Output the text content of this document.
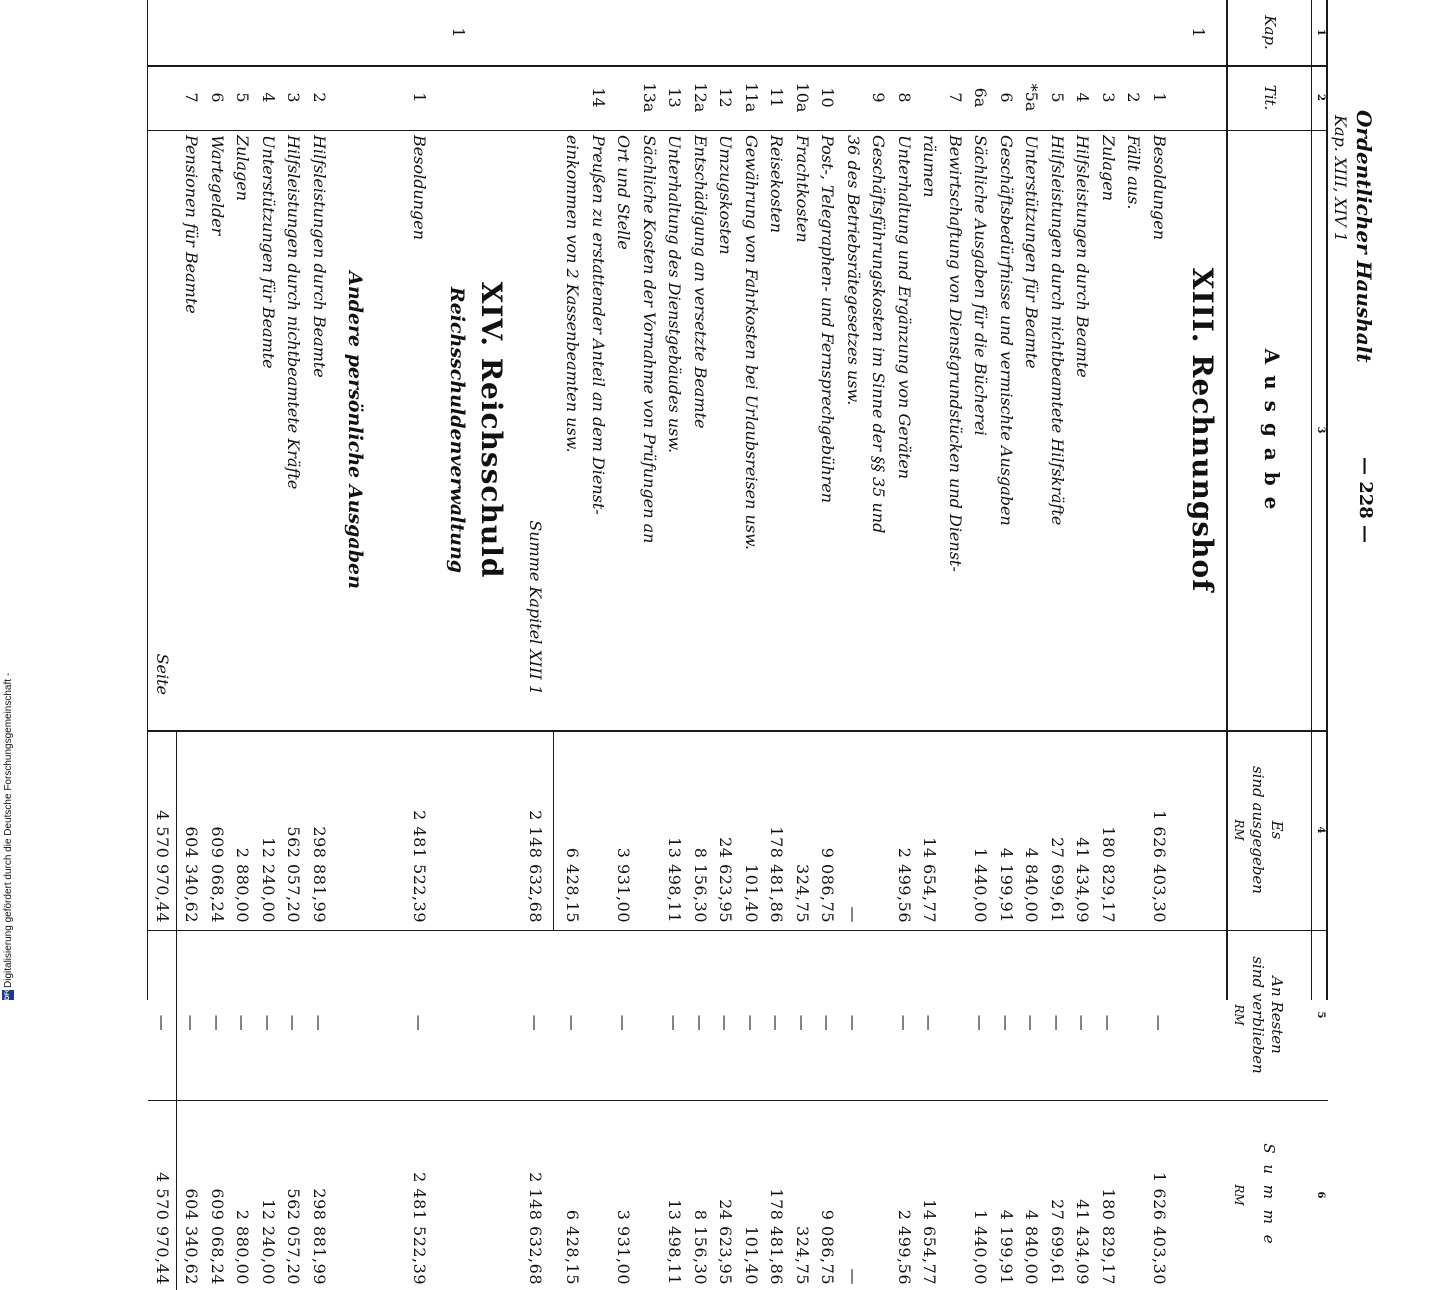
Ordentlicher Haushalt
Kap. XIII, XIV 1
— 228 —
1
2
3
4
5
6
Kap.
Tit.
A u s g a b e
Es
sind ausgegeben
An Resten
sind verblieben
S u m m e
RM
RM
RM
1
XIII. Rechnungshof
1
Besoldungen
1 626 403,30
—
1 626 403,30
2
Fällt aus.
3
Zulagen
180 829,17
—
180 829,17
4
Hilfsleistungen durch Beamte
41 434,09
—
41 434,09
5
Hilfsleistungen durch nichtbeamtete Hilfskräfte
27 699,61
—
27 699,61
*5a
Unterstützungen für Beamte
4 840,00
—
4 840,00
6
Geschäftsbedürfnisse und vermischte Ausgaben
4 199,91
—
4 199,91
6a
Sächliche Ausgaben für die Bücherei
1 440,00
—
1 440,00
7
Bewirtschaftung von Dienstgrundstücken und Dienst-
räumen
14 654,77
—
14 654,77
8
Unterhaltung und Ergänzung von Geräten
2 499,56
—
2 499,56
9
Geschäftsführungskosten im Sinne der §§ 35 und
36 des Betriebsrätegesetzes usw.
—
—
—
10
Post-, Telegraphen- und Fernsprechgebühren
9 086,75
—
9 086,75
10a
Frachtkosten
324,75
—
324,75
11
Reisekosten
178 481,86
—
178 481,86
11a
Gewährung von Fahrkosten bei Urlaubsreisen usw.
101,40
—
101,40
12
Umzugskosten
24 623,95
—
24 623,95
12a
Entschädigung an versetzte Beamte
8 156,30
—
8 156,30
13
Unterhaltung des Dienstgebäudes usw.
13 498,11
—
13 498,11
13a
Sächliche Kosten der Vornahme von Prüfungen an
Ort und Stelle
3 931,00
—
3 931,00
14
Preußen zu erstattender Anteil an dem Dienst-
einkommen von 2 Kassenbeamten usw.
6 428,15
—
6 428,15
Summe Kapitel XIII 1
2 148 632,68
—
2 148 632,68
1
XIV. Reichsschuld
Reichsschuldenverwaltung
1
Besoldungen
2 481 522,39
—
2 481 522,39
Andere persönliche Ausgaben
2
Hilfsleistungen durch Beamte
298 881,99
—
298 881,99
3
Hilfsleistungen durch nichtbeamtete Kräfte
562 057,20
—
562 057,20
4
Unterstützungen für Beamte
12 240,00
—
12 240,00
5
Zulagen
2 880,00
—
2 880,00
6
Wartegelder
609 068,24
—
609 068,24
7
Pensionen für Beamte
604 340,62
—
604 340,62
Seite
4 570 970,44
—
4 570 970,44
DFG
Digitalisierung gefördert durch die Deutsche Forschungsgemeinschaft -
